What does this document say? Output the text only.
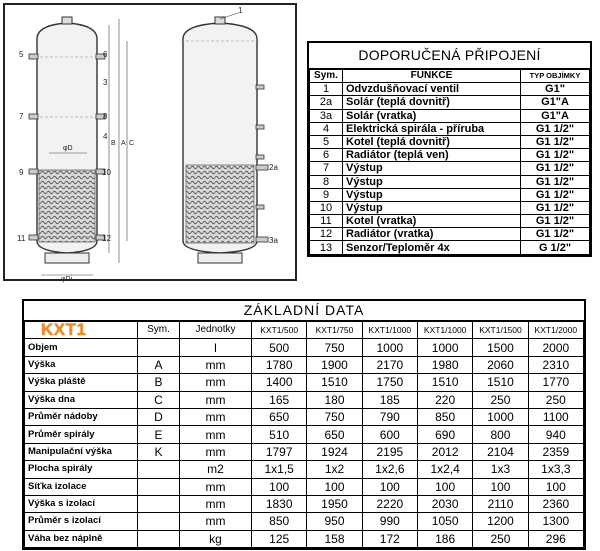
5
7
9
11
6
3
4
8
10
12
1
2a
3a
φD
φDi
A
B C
DOPORUČENÁ PŘIPOJENÍ
Sym.	FUNKCE	TYP OBJÍMKY
1	Odvzdušňovací ventil	G1"
2a	Solár (teplá dovnitř)	G1"A
3a	Solár (vratka)	G1"A
4	Elektrická spirála - příruba	G1 1/2"
5	Kotel (teplá dovnitř)	G1 1/2"
6	Radiátor (teplá ven)	G1 1/2"
7	Výstup	G1 1/2"
8	Výstup	G1 1/2"
9	Výstup	G1 1/2"
10	Výstup	G1 1/2"
11	Kotel (vratka)	G1 1/2"
12	Radiátor (vratka)	G1 1/2"
13	Senzor/Teploměr 4x	G 1/2"
ZÁKLADNÍ DATA
KXT1	Sym.	Jednotky	KXT1/500	KXT1/750	KXT1/1000	KXT1/1000	KXT1/1500	KXT1/2000
Objem		l	500	750	1000	1000	1500	2000
Výška	A	mm	1780	1900	2170	1980	2060	2310
Výška pláště	B	mm	1400	1510	1750	1510	1510	1770
Výška dna	C	mm	165	180	185	220	250	250
Průměr nádoby	D	mm	650	750	790	850	1000	1100
Průměr spirály	E	mm	510	650	600	690	800	940
Manipulační výška	K	mm	1797	1924	2195	2012	2104	2359
Plocha spirály		m2	1x1,5	1x2	1x2,6	1x2,4	1x3	1x3,3
Síťka izolace		mm	100	100	100	100	100	100
Výška s izolací		mm	1830	1950	2220	2030	2110	2360
Průměr s izolací		mm	850	950	990	1050	1200	1300
Váha bez náplně		kg	125	158	172	186	250	296
